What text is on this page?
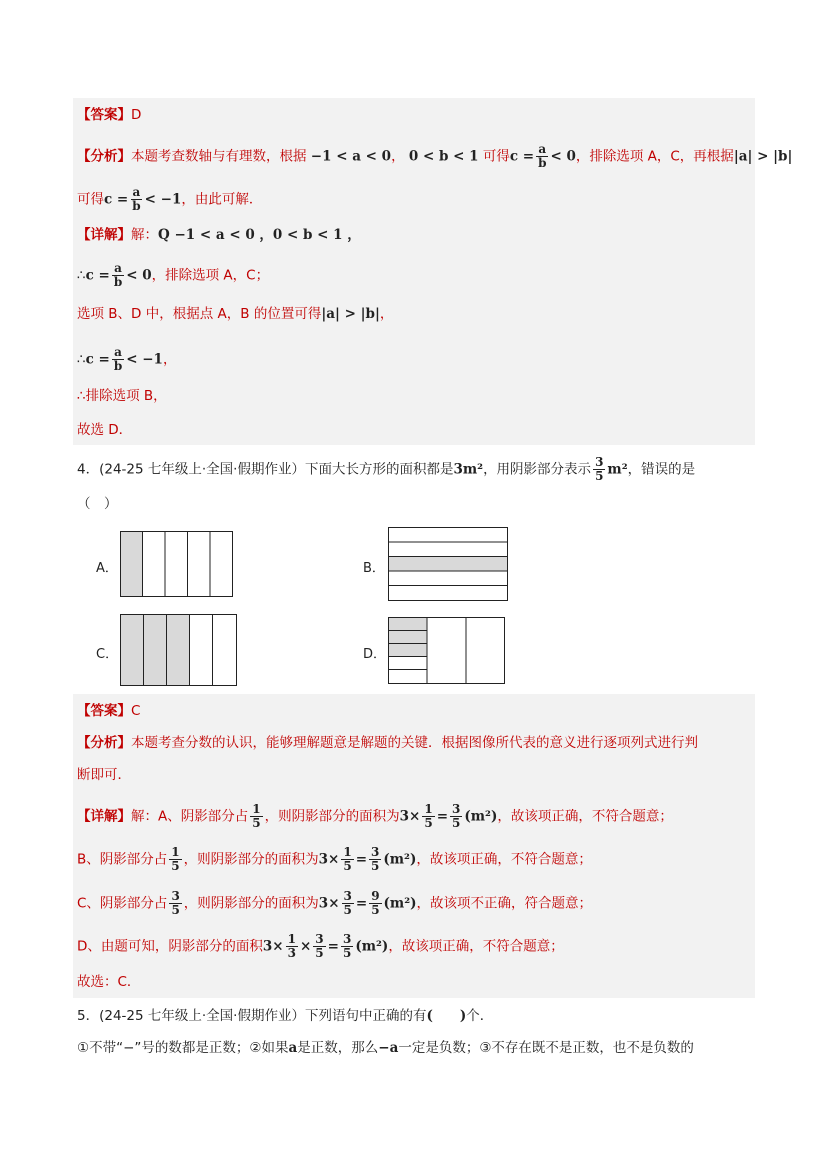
【答案】D
【分析】本题考查数轴与有理数，根据 −1 < a < 0， 0 < b < 1 可得$c = \frac{a}{b} < 0$，排除选项 A，C，再根据|a| > |b|
可得$c = \frac{a}{b} < -1$，由此可解．
【详解】解：Q −1 < a < 0 ，0 < b < 1 ，
∴c = $\frac{a}{b} < 0$，排除选项 A，C；
选项 B、D 中，根据点 A，B 的位置可得|a| > |b|，
∴c = $\frac{a}{b} < -1$，
∴排除选项 B，
故选 D．
4．(24-25 七年级上·全国·假期作业）下面大长方形的面积都是3m²，用阴影部分表示 $\frac{3}{5} m^2$，错误的是
（　）
A．	B．
C．	D．
【答案】C
【分析】本题考查分数的认识，能够理解题意是解题的关键．根据图像所代表的意义进行逐项列式进行判
断即可．
【详解】解：A、阴影部分占 $\frac{1}{5}$ ，则阴影部分的面积为$3\times \frac{1}{5} = \frac{3}{5} (m^2)$，故该项正确，不符合题意；
B、阴影部分占 $\frac{1}{5}$ ，则阴影部分的面积为$3\times \frac{1}{5} = \frac{3}{5} (m^2)$，故该项正确，不符合题意；
C、阴影部分占 $\frac{3}{5}$ ，则阴影部分的面积为$3\times \frac{3}{5} = \frac{9}{5} (m^2)$，故该项不正确，符合题意；
D、由题可知，阴影部分的面积$3\times \frac{1}{3} \times \frac{3}{5} = \frac{3}{5} (m^2)$，故该项正确，不符合题意；
故选：C．
5．(24-25 七年级上·全国·假期作业）下列语句中正确的有(　　)个．
①不带“−”号的数都是正数；②如果a是正数，那么−a一定是负数；③不存在既不是正数，也不是负数的
